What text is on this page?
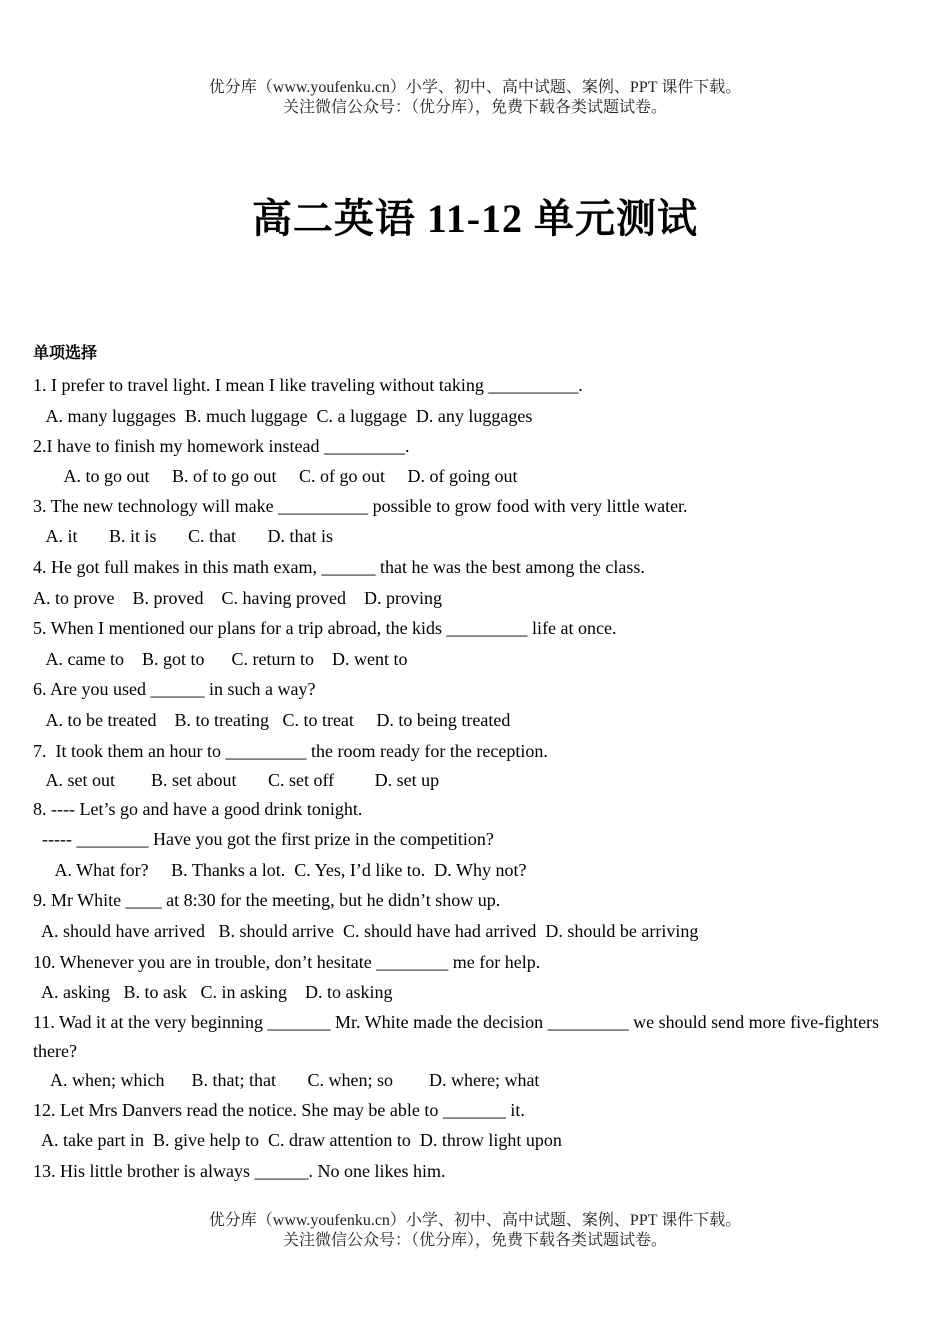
优分库（www.youfenku.cn）小学、初中、高中试题、案例、PPT 课件下载。
关注微信公众号：（优分库），免费下载各类试题试卷。
高二英语 11-12 单元测试
单项选择
1. I prefer to travel light. I mean I like traveling without taking __________.
A. many luggages  B. much luggage  C. a luggage  D. any luggages
2.I have to finish my homework instead _________.
A. to go out     B. of to go out     C. of go out     D. of going out
3. The new technology will make __________ possible to grow food with very little water.
A. it       B. it is       C. that       D. that is
4. He got full makes in this math exam, ______ that he was the best among the class.
A. to prove    B. proved    C. having proved    D. proving
5. When I mentioned our plans for a trip abroad, the kids _________ life at once.
A. came to    B. got to      C. return to    D. went to
6. Are you used ______ in such a way?
A. to be treated    B. to treating   C. to treat     D. to being treated
7.  It took them an hour to _________ the room ready for the reception.
A. set out        B. set about       C. set off         D. set up
8. ---- Let’s go and have a good drink tonight.
----- ________ Have you got the first prize in the competition?
A. What for?     B. Thanks a lot.  C. Yes, I’d like to.  D. Why not?
9. Mr White ____ at 8:30 for the meeting, but he didn’t show up.
A. should have arrived   B. should arrive  C. should have had arrived  D. should be arriving
10. Whenever you are in trouble, don’t hesitate ________ me for help.
A. asking   B. to ask   C. in asking    D. to asking
11. Wad it at the very beginning _______ Mr. White made the decision _________ we should send more five-fighters there?
A. when; which      B. that; that       C. when; so        D. where; what
12. Let Mrs Danvers read the notice. She may be able to _______ it.
A. take part in  B. give help to  C. draw attention to  D. throw light upon
13. His little brother is always ______. No one likes him.
优分库（www.youfenku.cn）小学、初中、高中试题、案例、PPT 课件下载。
关注微信公众号：（优分库），免费下载各类试题试卷。
